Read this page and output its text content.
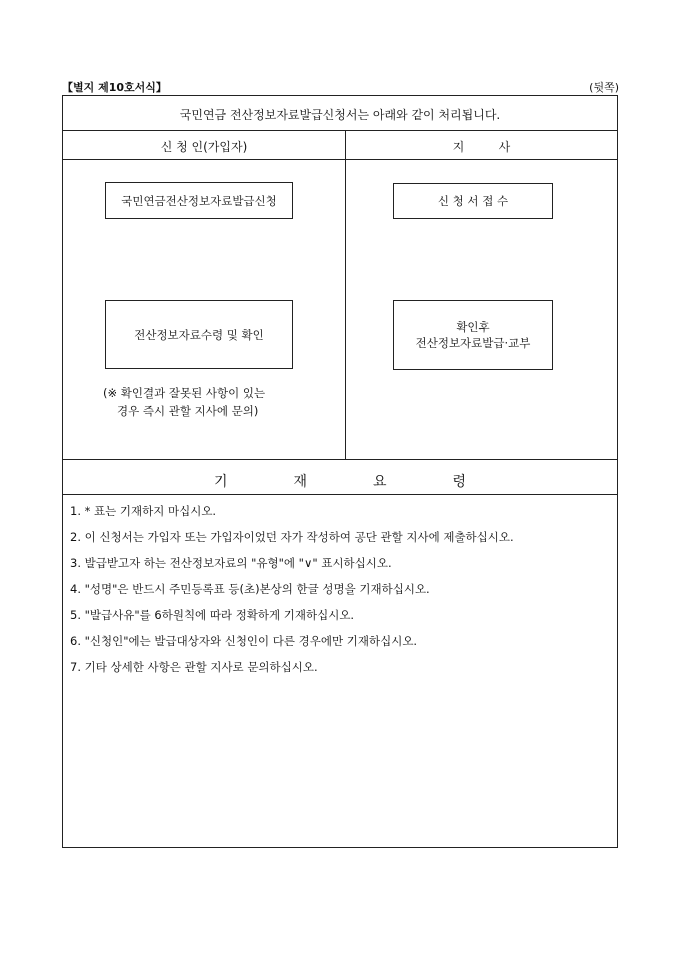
【별지 제10호서식】	(뒷쪽)
국민연금 전산정보자료발급신청서는 아래와 같이 처리됩니다.
신 청 인(가입자)	지         사
국민연금전산정보자료발급신청
전산정보자료수령 및 확인
(※ 확인결과 잘못된 사항이 있는
경우 즉시 관할 지사에 문의)
신 청 서 접 수
확인후
전산정보자료발급·교부
기	재	요	령
1. * 표는 기재하지 마십시오.
2. 이 신청서는 가입자 또는 가입자이었던 자가 작성하여 공단 관할 지사에 제출하십시오.
3. 발급받고자 하는 전산정보자료의 "유형"에 "∨" 표시하십시오.
4. "성명"은 반드시 주민등록표 등(초)본상의 한글 성명을 기재하십시오.
5. "발급사유"를 6하원칙에 따라 정확하게 기재하십시오.
6. "신청인"에는 발급대상자와 신청인이 다른 경우에만 기재하십시오.
7. 기타 상세한 사항은 관할 지사로 문의하십시오.
